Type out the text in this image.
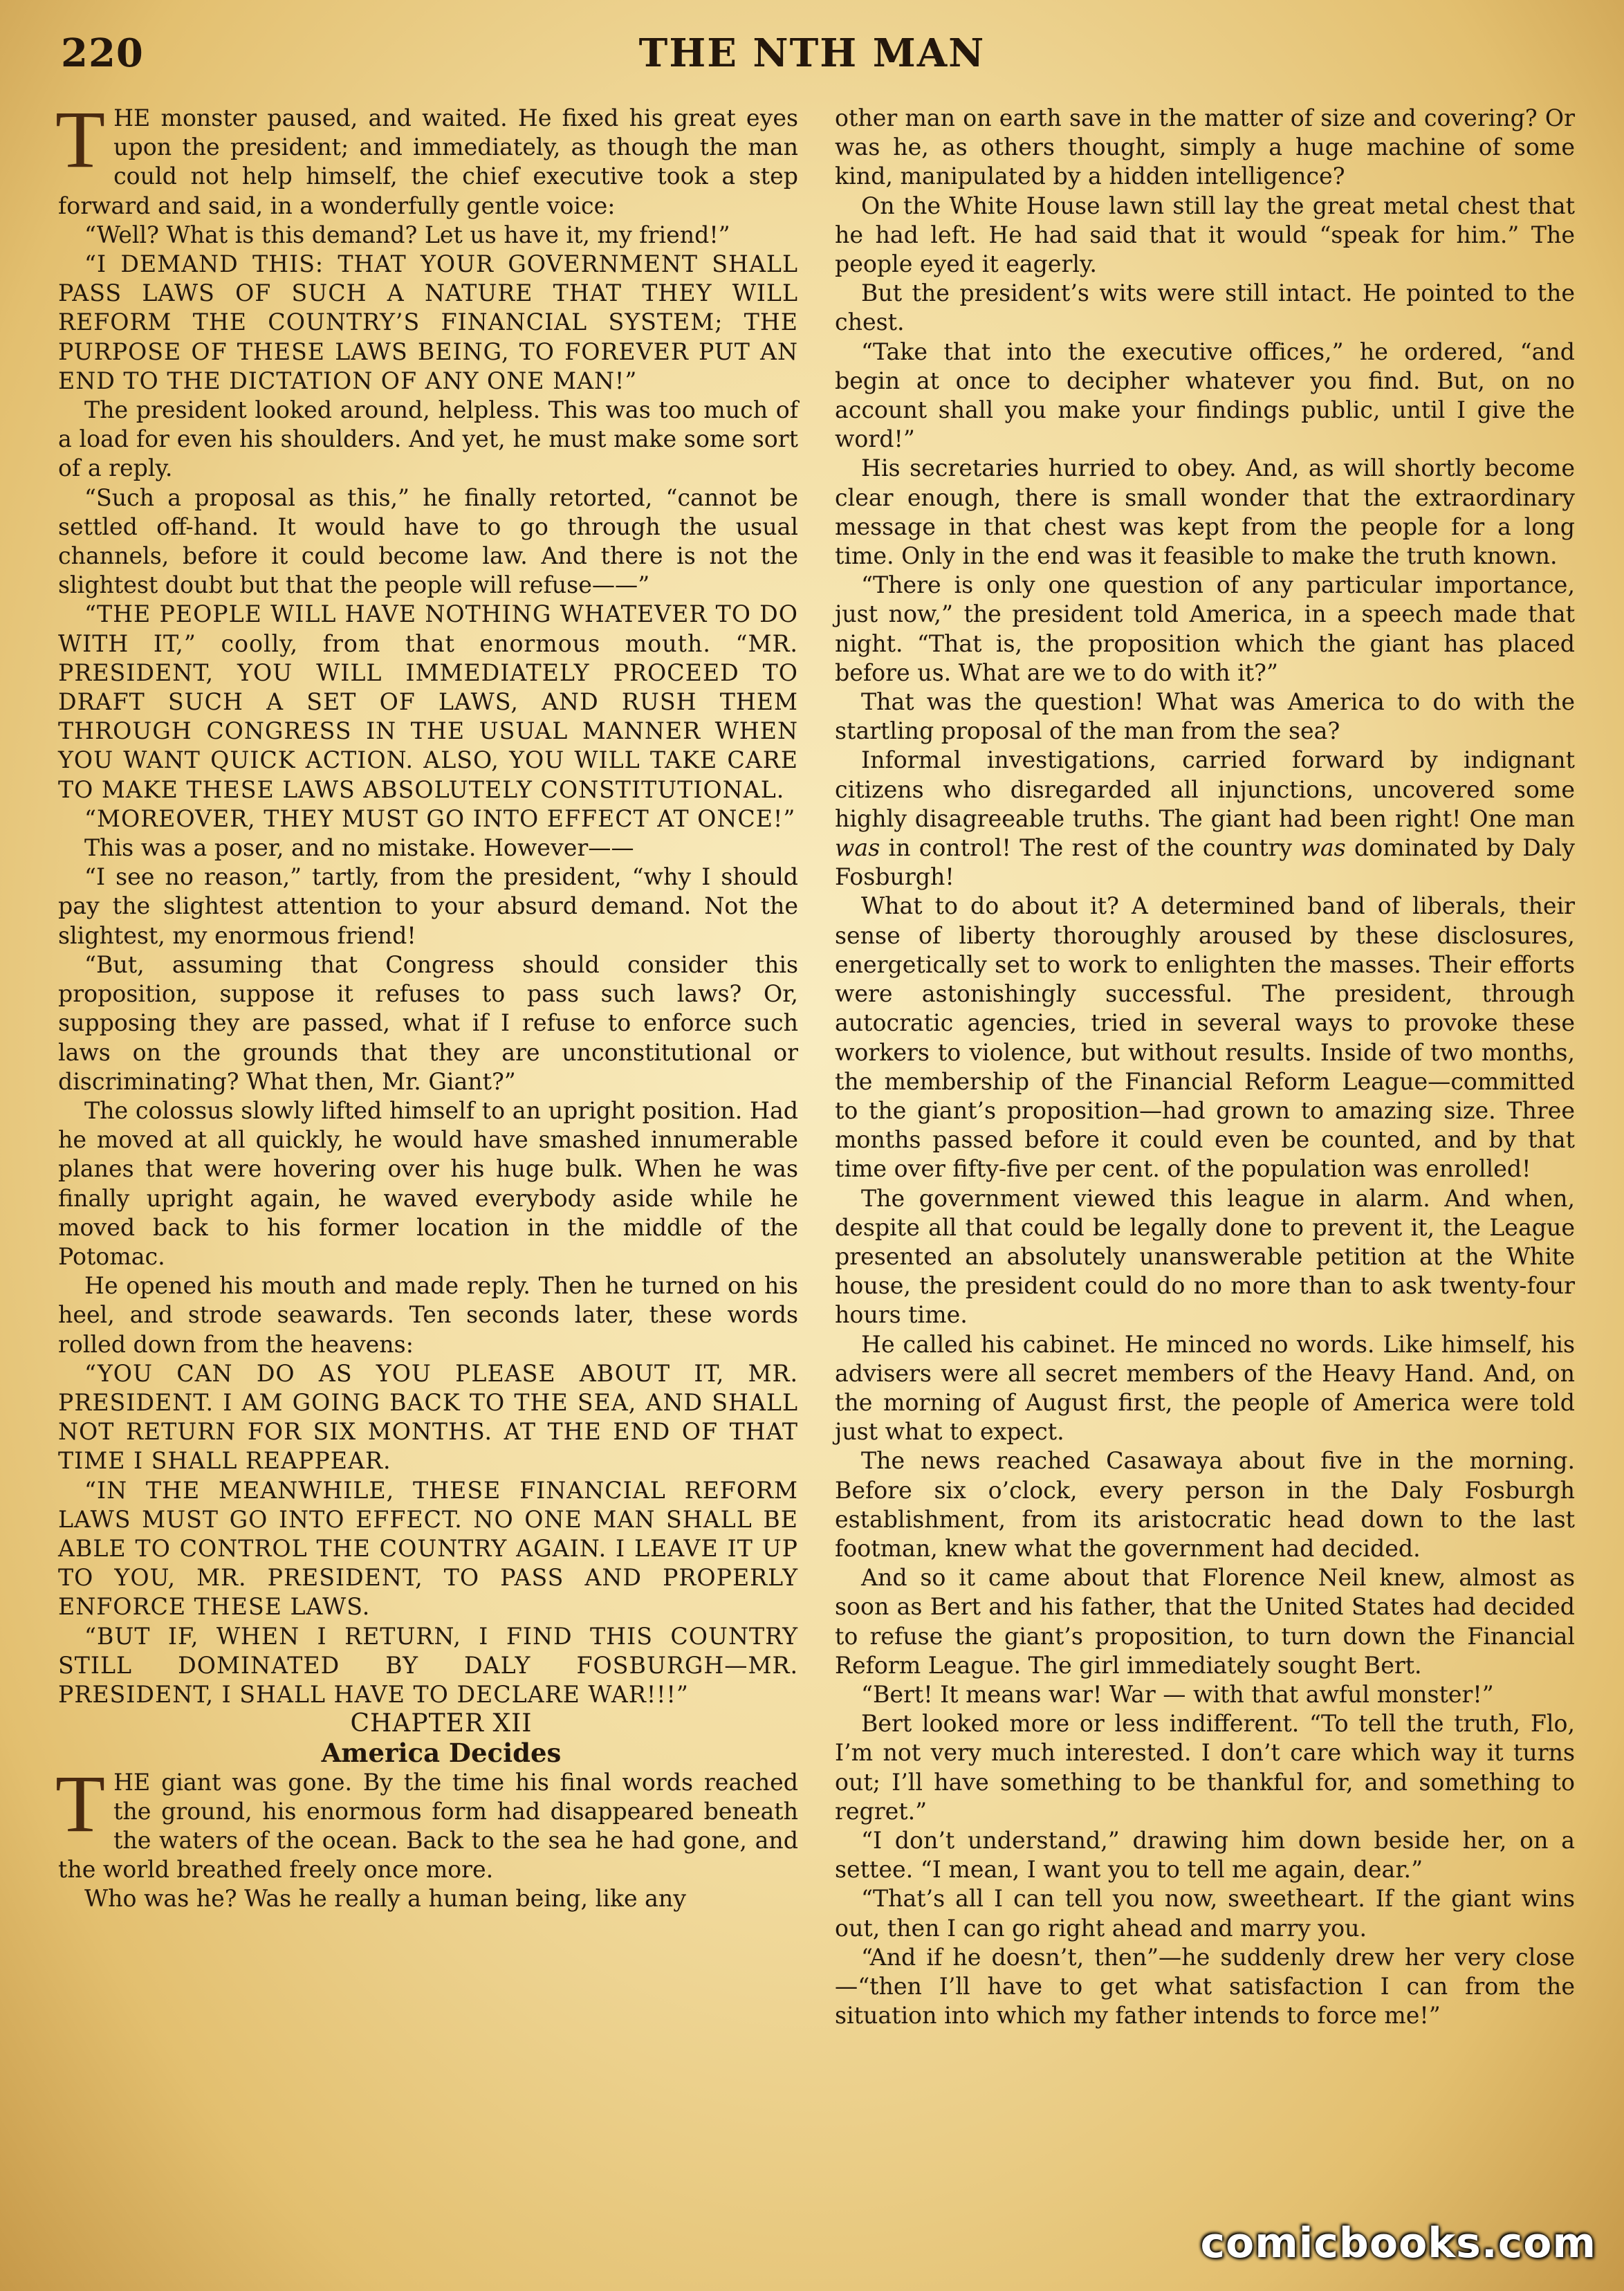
220	THE NTH MAN

THE monster paused, and waited. He fixed his great eyes upon the president; and immediately, as though the man could not help himself, the chief executive took a step forward and said, in a wonderfully gentle voice:

“Well? What is this demand? Let us have it, my friend!”

“I DEMAND THIS: THAT YOUR GOVERNMENT SHALL PASS LAWS OF SUCH A NATURE THAT THEY WILL REFORM THE COUNTRY’S FINANCIAL SYSTEM; THE PURPOSE OF THESE LAWS BEING, TO FOREVER PUT AN END TO THE DICTATION OF ANY ONE MAN!”

The president looked around, helpless. This was too much of a load for even his shoulders. And yet, he must make some sort of a reply.

“Such a proposal as this,” he finally retorted, “cannot be settled off-hand. It would have to go through the usual channels, before it could become law. And there is not the slightest doubt but that the people will refuse——”

“THE PEOPLE WILL HAVE NOTHING WHATEVER TO DO WITH IT,” coolly, from that enormous mouth. “MR. PRESIDENT, YOU WILL IMMEDIATELY PROCEED TO DRAFT SUCH A SET OF LAWS, AND RUSH THEM THROUGH CONGRESS IN THE USUAL MANNER WHEN YOU WANT QUICK ACTION. ALSO, YOU WILL TAKE CARE TO MAKE THESE LAWS ABSOLUTELY CONSTITUTIONAL.

“MOREOVER, THEY MUST GO INTO EFFECT AT ONCE!”

This was a poser, and no mistake. However——

“I see no reason,” tartly, from the president, “why I should pay the slightest attention to your absurd demand. Not the slightest, my enormous friend!

“But, assuming that Congress should consider this proposition, suppose it refuses to pass such laws? Or, supposing they are passed, what if I refuse to enforce such laws on the grounds that they are unconstitutional or discriminating? What then, Mr. Giant?”

The colossus slowly lifted himself to an upright position. Had he moved at all quickly, he would have smashed innumerable planes that were hovering over his huge bulk. When he was finally upright again, he waved everybody aside while he moved back to his former location in the middle of the Potomac.

He opened his mouth and made reply. Then he turned on his heel, and strode seawards. Ten seconds later, these words rolled down from the heavens:

“YOU CAN DO AS YOU PLEASE ABOUT IT, MR. PRESIDENT. I AM GOING BACK TO THE SEA, AND SHALL NOT RETURN FOR SIX MONTHS. AT THE END OF THAT TIME I SHALL REAPPEAR.

“IN THE MEANWHILE, THESE FINANCIAL REFORM LAWS MUST GO INTO EFFECT. NO ONE MAN SHALL BE ABLE TO CONTROL THE COUNTRY AGAIN. I LEAVE IT UP TO YOU, MR. PRESIDENT, TO PASS AND PROPERLY ENFORCE THESE LAWS.

“BUT IF, WHEN I RETURN, I FIND THIS COUNTRY STILL DOMINATED BY DALY FOSBURGH—MR. PRESIDENT, I SHALL HAVE TO DECLARE WAR!!!”

CHAPTER XII

America Decides

THE giant was gone. By the time his final words reached the ground, his enormous form had disappeared beneath the waters of the ocean. Back to the sea he had gone, and the world breathed freely once more.

Who was he? Was he really a human being, like any

other man on earth save in the matter of size and covering? Or was he, as others thought, simply a huge machine of some kind, manipulated by a hidden intelligence?

On the White House lawn still lay the great metal chest that he had left. He had said that it would “speak for him.” The people eyed it eagerly.

But the president’s wits were still intact. He pointed to the chest.

“Take that into the executive offices,” he ordered, “and begin at once to decipher whatever you find. But, on no account shall you make your findings public, until I give the word!”

His secretaries hurried to obey. And, as will shortly become clear enough, there is small wonder that the extraordinary message in that chest was kept from the people for a long time. Only in the end was it feasible to make the truth known.

“There is only one question of any particular importance, just now,” the president told America, in a speech made that night. “That is, the proposition which the giant has placed before us. What are we to do with it?”

That was the question! What was America to do with the startling proposal of the man from the sea?

Informal investigations, carried forward by indignant citizens who disregarded all injunctions, uncovered some highly disagreeable truths. The giant had been right! One man was in control! The rest of the country was dominated by Daly Fosburgh!

What to do about it? A determined band of liberals, their sense of liberty thoroughly aroused by these disclosures, energetically set to work to enlighten the masses. Their efforts were astonishingly successful. The president, through autocratic agencies, tried in several ways to provoke these workers to violence, but without results. Inside of two months, the membership of the Financial Reform League—committed to the giant’s proposition—had grown to amazing size. Three months passed before it could even be counted, and by that time over fifty-five per cent. of the population was enrolled!

The government viewed this league in alarm. And when, despite all that could be legally done to prevent it, the League presented an absolutely unanswerable petition at the White house, the president could do no more than to ask twenty-four hours time.

He called his cabinet. He minced no words. Like himself, his advisers were all secret members of the Heavy Hand. And, on the morning of August first, the people of America were told just what to expect.

The news reached Casawaya about five in the morning. Before six o’clock, every person in the Daly Fosburgh establishment, from its aristocratic head down to the last footman, knew what the government had decided.

And so it came about that Florence Neil knew, almost as soon as Bert and his father, that the United States had decided to refuse the giant’s proposition, to turn down the Financial Reform League. The girl immediately sought Bert.

“Bert! It means war! War — with that awful monster!”

Bert looked more or less indifferent. “To tell the truth, Flo, I’m not very much interested. I don’t care which way it turns out; I’ll have something to be thankful for, and something to regret.”

“I don’t understand,” drawing him down beside her, on a settee. “I mean, I want you to tell me again, dear.”

“That’s all I can tell you now, sweetheart. If the giant wins out, then I can go right ahead and marry you.

“And if he doesn’t, then”—he suddenly drew her very close—“then I’ll have to get what satisfaction I can from the situation into which my father intends to force me!”

comicbooks.com
